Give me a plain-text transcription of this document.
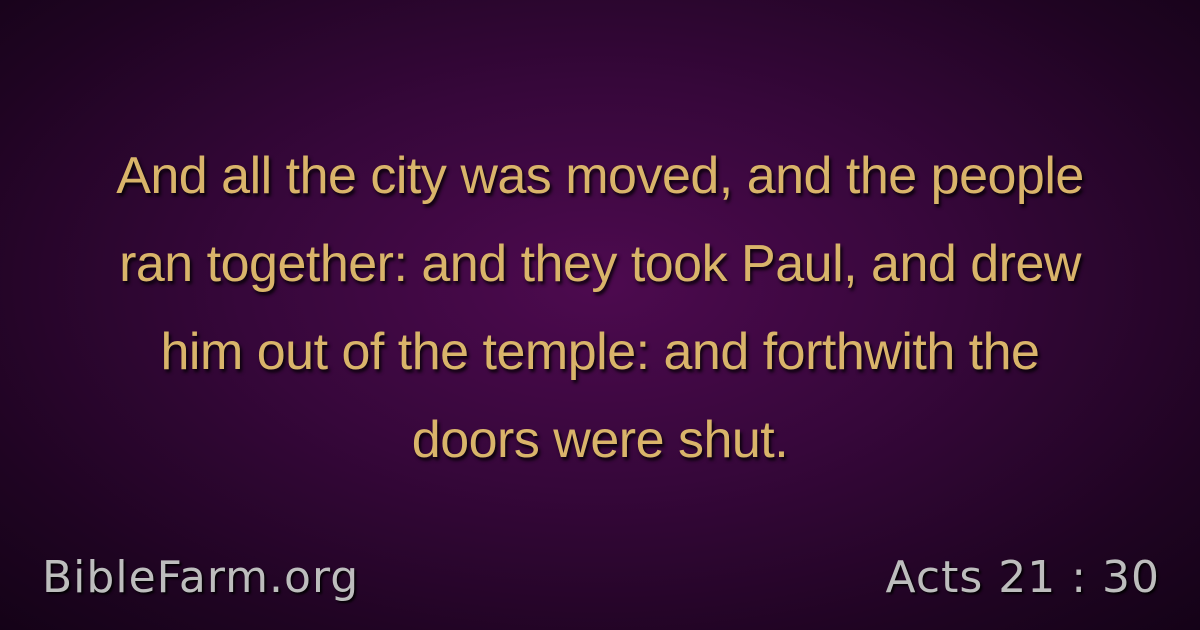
And all the city was moved, and the people
ran together: and they took Paul, and drew
him out of the temple: and forthwith the
doors were shut.

BibleFarm.org	Acts 21 : 30
